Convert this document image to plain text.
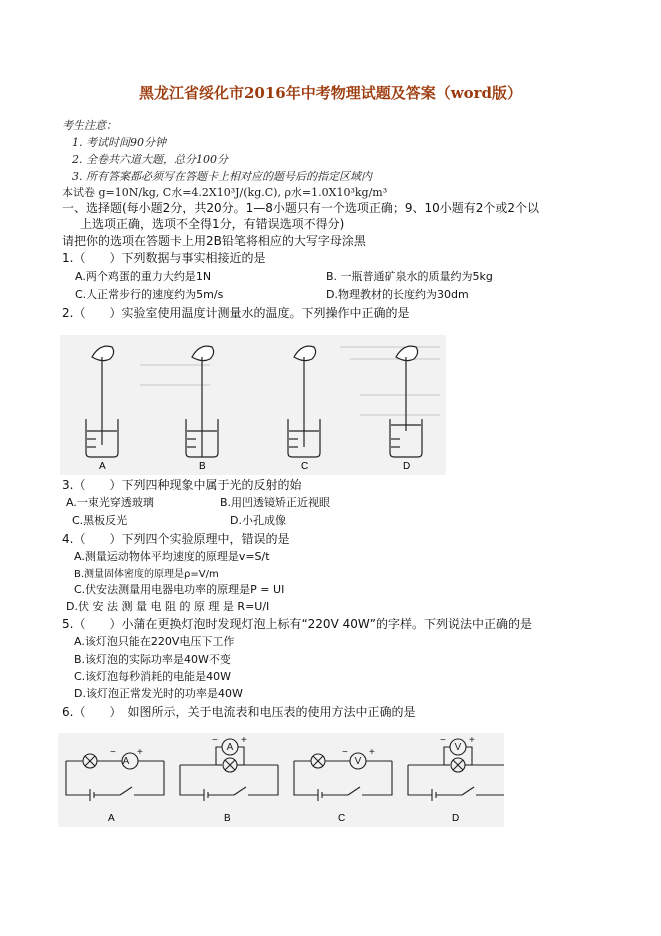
黑龙江省绥化市2016年中考物理试题及答案（word版）
考生注意：
1. 考试时间90分钟
2. 全卷共六道大题，总分100分
3. 所有答案都必须写在答题卡上相对应的题号后的指定区域内
本试卷 g=10N/kg, C水=4.2X10³J/(kg.C), ρ水=1.0X10³kg/m³
一、选择题(每小题2分，共20分。1—8小题只有一个选项正确；9、10小题有2个或2个以
上选项正确，选项不全得1分，有错误选项不得分)
请把你的选项在答题卡上用2B铅笔将相应的大写字母涂黑
1.（　　）下列数据与事实相接近的是
A.两个鸡蛋的重力大约是1N	B. 一瓶普通矿泉水的质量约为5kg
C.人正常步行的速度约为5m/s	D.物理教材的长度约为30dm
2.（　　）实验室使用温度计测量水的温度。下列操作中正确的是
A	B	C	D
3.（　　）下列四种现象中属于光的反射的始
A.一束光穿透玻璃	B.用凹透镜矫正近视眼
C.黑板反光	D.小孔成像
4.（　　）下列四个实验原理中，错误的是
A.测量运动物体平均速度的原理是v=S/t
B.测量固体密度的原理是ρ=V/m
C.伏安法测量用电器电功率的原理是P = UI
D.伏 安 法 测 量 电 阻 的 原 理 是 R=U/I
5.（　　）小蒲在更换灯泡时发现灯泡上标有“220V 40W”的字样。下列说法中正确的是
A.该灯泡只能在220V电压下工作
B.该灯泡的实际功率是40W不变
C.该灯泡每秒消耗的电能是40W
D.该灯泡正常发光时的功率是40W
6.（　　）　如图所示，关于电流表和电压表的使用方法中正确的是
A
+
−	A
+
−
V
+
−	V
+
−
A	B	C	D
